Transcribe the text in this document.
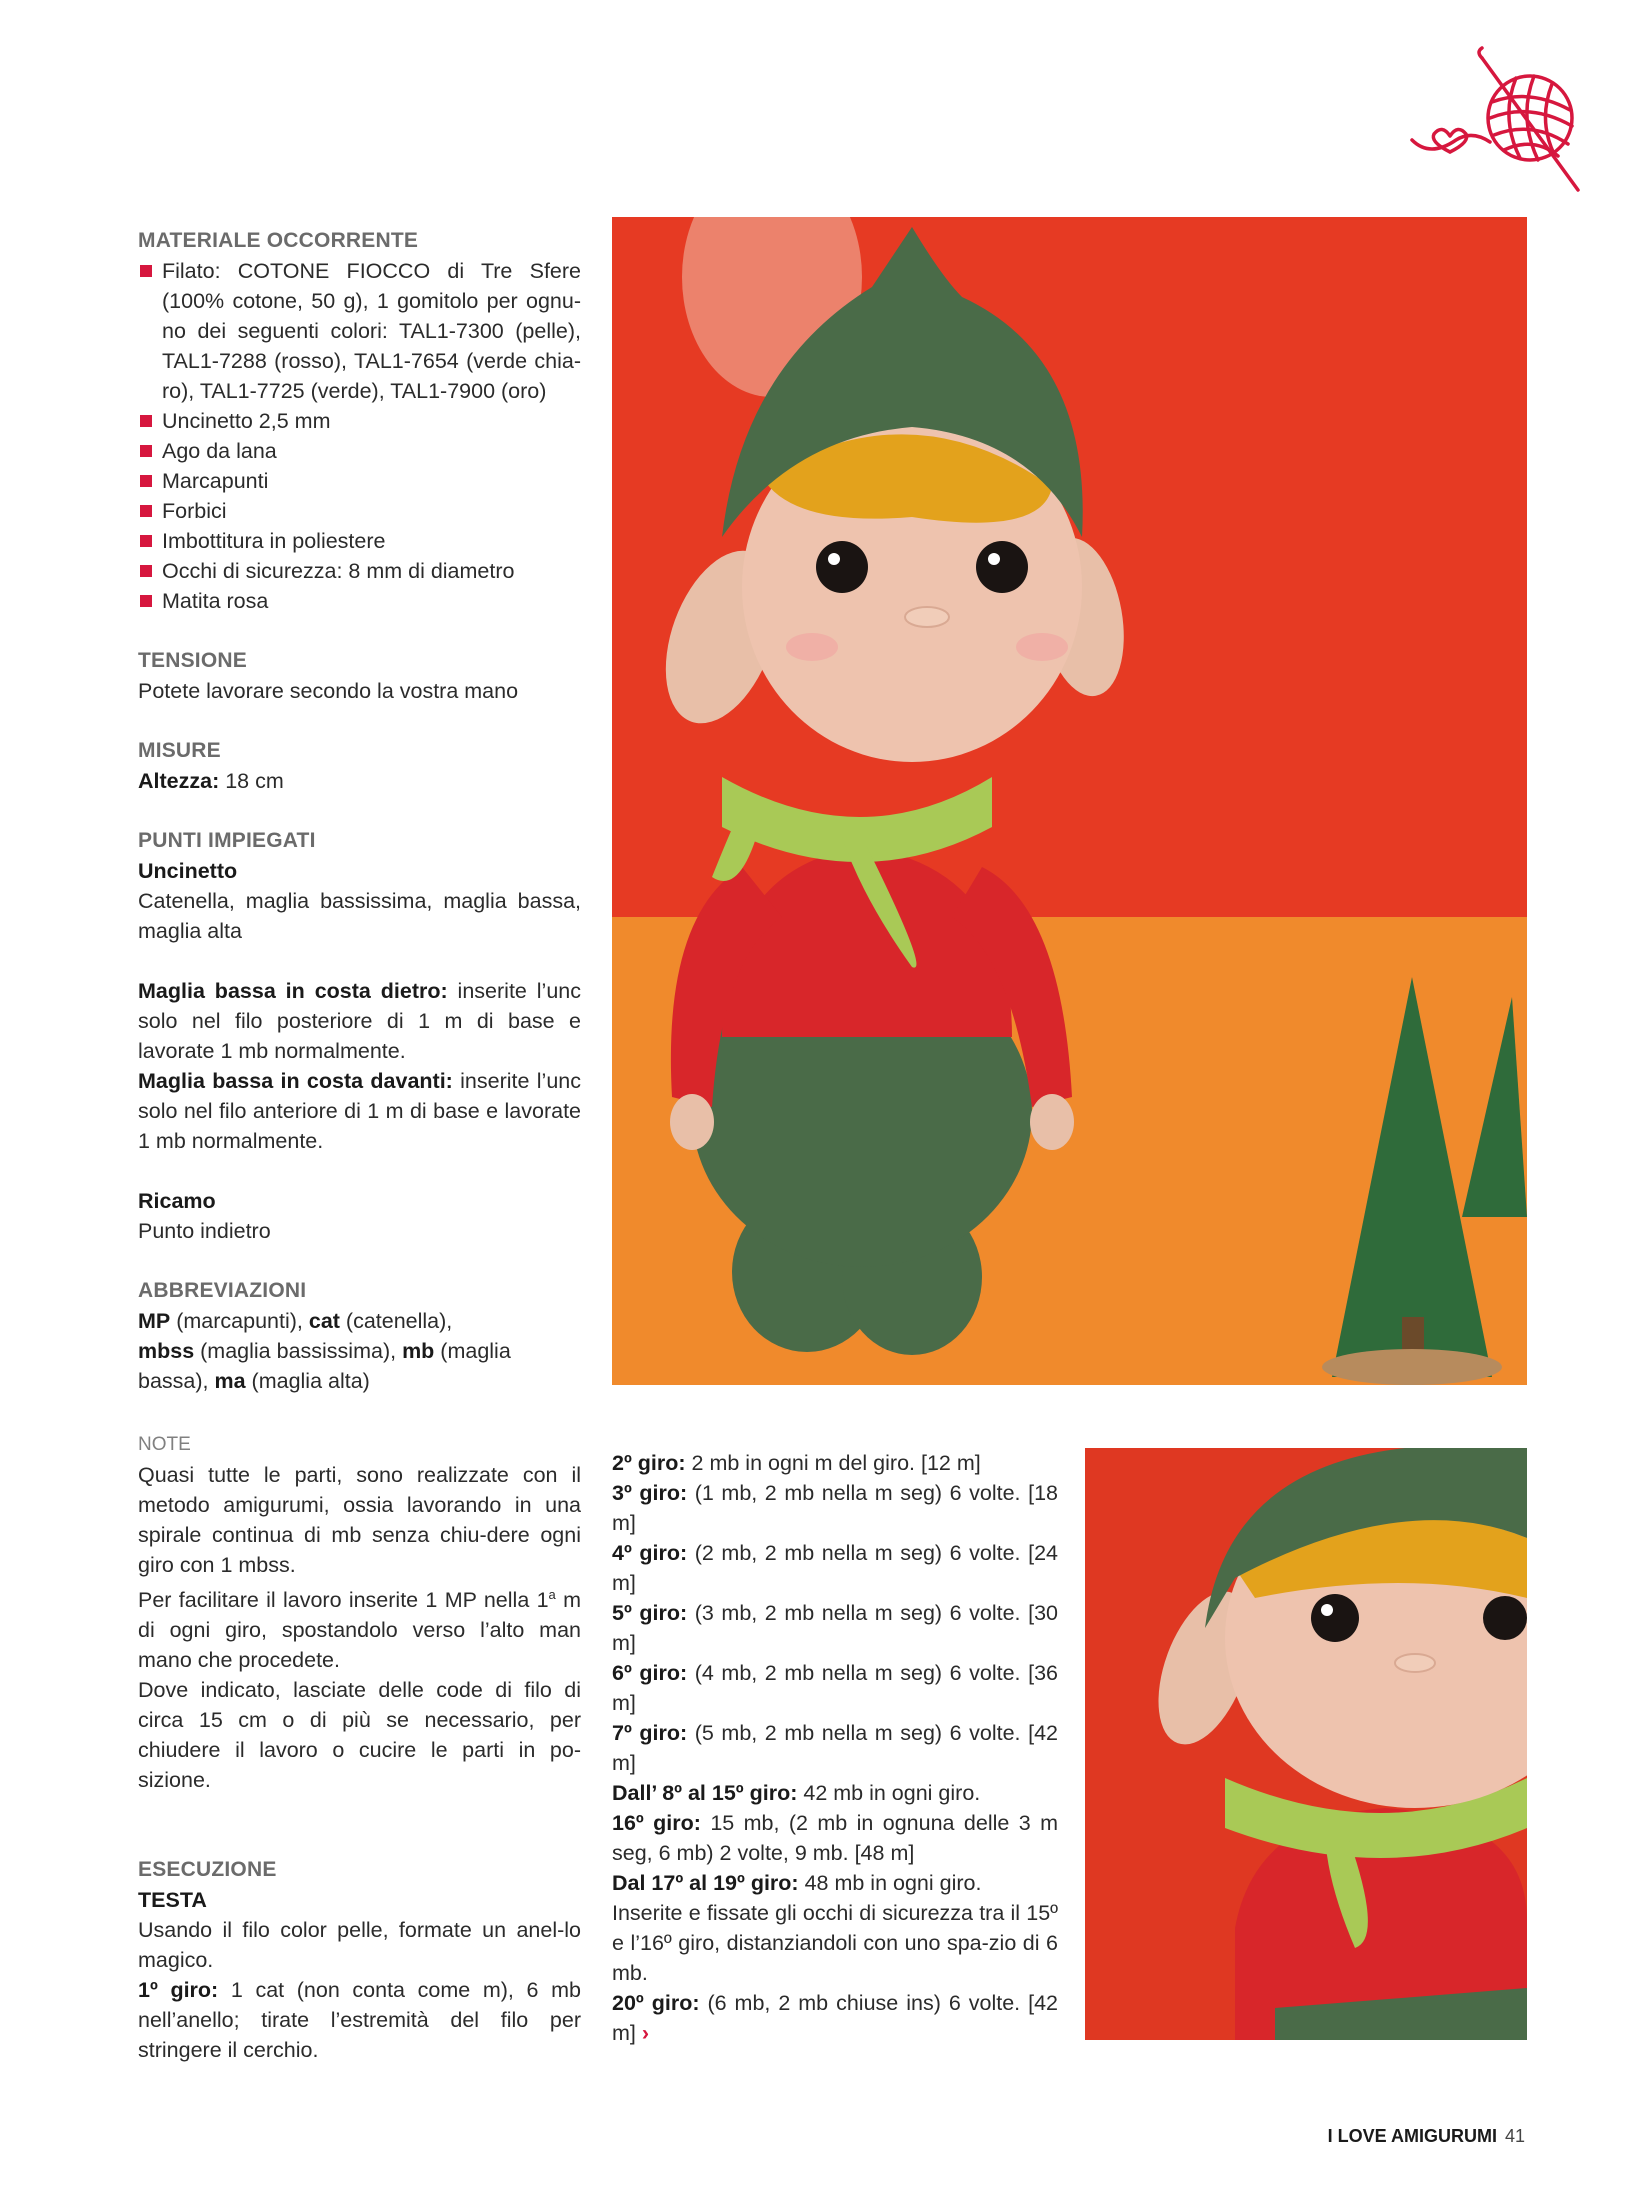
MATERIALE OCCORRENTE
Filato: COTONE FIOCCO di Tre Sfere (100% cotone, 50 g), 1 gomitolo per ognu-no dei seguenti colori: TAL1-7300 (pelle), TAL1-7288 (rosso), TAL1-7654 (verde chia-ro), TAL1-7725 (verde), TAL1-7900 (oro)
Uncinetto 2,5 mm
Ago da lana
Marcapunti
Forbici
Imbottitura in poliestere
Occhi di sicurezza: 8 mm di diametro
Matita rosa
TENSIONE
Potete lavorare secondo la vostra mano
MISURE
Altezza: 18 cm
PUNTI IMPIEGATI
Uncinetto
Catenella, maglia bassissima, maglia bassa, maglia alta
Maglia bassa in costa dietro: inserite l’unc solo nel filo posteriore di 1 m di base e lavorate 1 mb normalmente.
Maglia bassa in costa davanti: inserite l’unc solo nel filo anteriore di 1 m di base e lavorate 1 mb normalmente.
Ricamo
Punto indietro
ABBREVIAZIONI
MP (marcapunti), cat (catenella),
mbss (maglia bassissima), mb (maglia bassa), ma (maglia alta)
NOTE
Quasi tutte le parti, sono realizzate con il metodo amigurumi, ossia lavorando in una spirale continua di mb senza chiu-dere ogni giro con 1 mbss.
Per facilitare il lavoro inserite 1 MP nella 1$^a$ m di ogni giro, spostandolo verso l’alto man mano che procedete.
Dove indicato, lasciate delle code di filo di circa 15 cm o di più se necessario, per chiudere il lavoro o cucire le parti in po-sizione.
ESECUZIONE
TESTA
Usando il filo color pelle, formate un anel-lo magico.
1º giro: 1 cat (non conta come m), 6 mb nell’anello; tirate l’estremità del filo per stringere il cerchio.
2º giro: 2 mb in ogni m del giro. [12 m]
3º giro: (1 mb, 2 mb nella m seg) 6 volte. [18 m]
4º giro: (2 mb, 2 mb nella m seg) 6 volte. [24 m]
5º giro: (3 mb, 2 mb nella m seg) 6 volte. [30 m]
6º giro: (4 mb, 2 mb nella m seg) 6 volte. [36 m]
7º giro: (5 mb, 2 mb nella m seg) 6 volte. [42 m]
Dall’ 8º al 15º giro: 42 mb in ogni giro.
16º giro: 15 mb, (2 mb in ognuna delle 3 m seg, 6 mb) 2 volte, 9 mb. [48 m]
Dal 17º al 19º giro: 48 mb in ogni giro.
Inserite e fissate gli occhi di sicurezza tra il 15º e l’16º giro, distanziandoli con uno spa-zio di 6 mb.
20º giro: (6 mb, 2 mb chiuse ins) 6 volte. [42 m] ›
I LOVE AMIGURUMI 41
